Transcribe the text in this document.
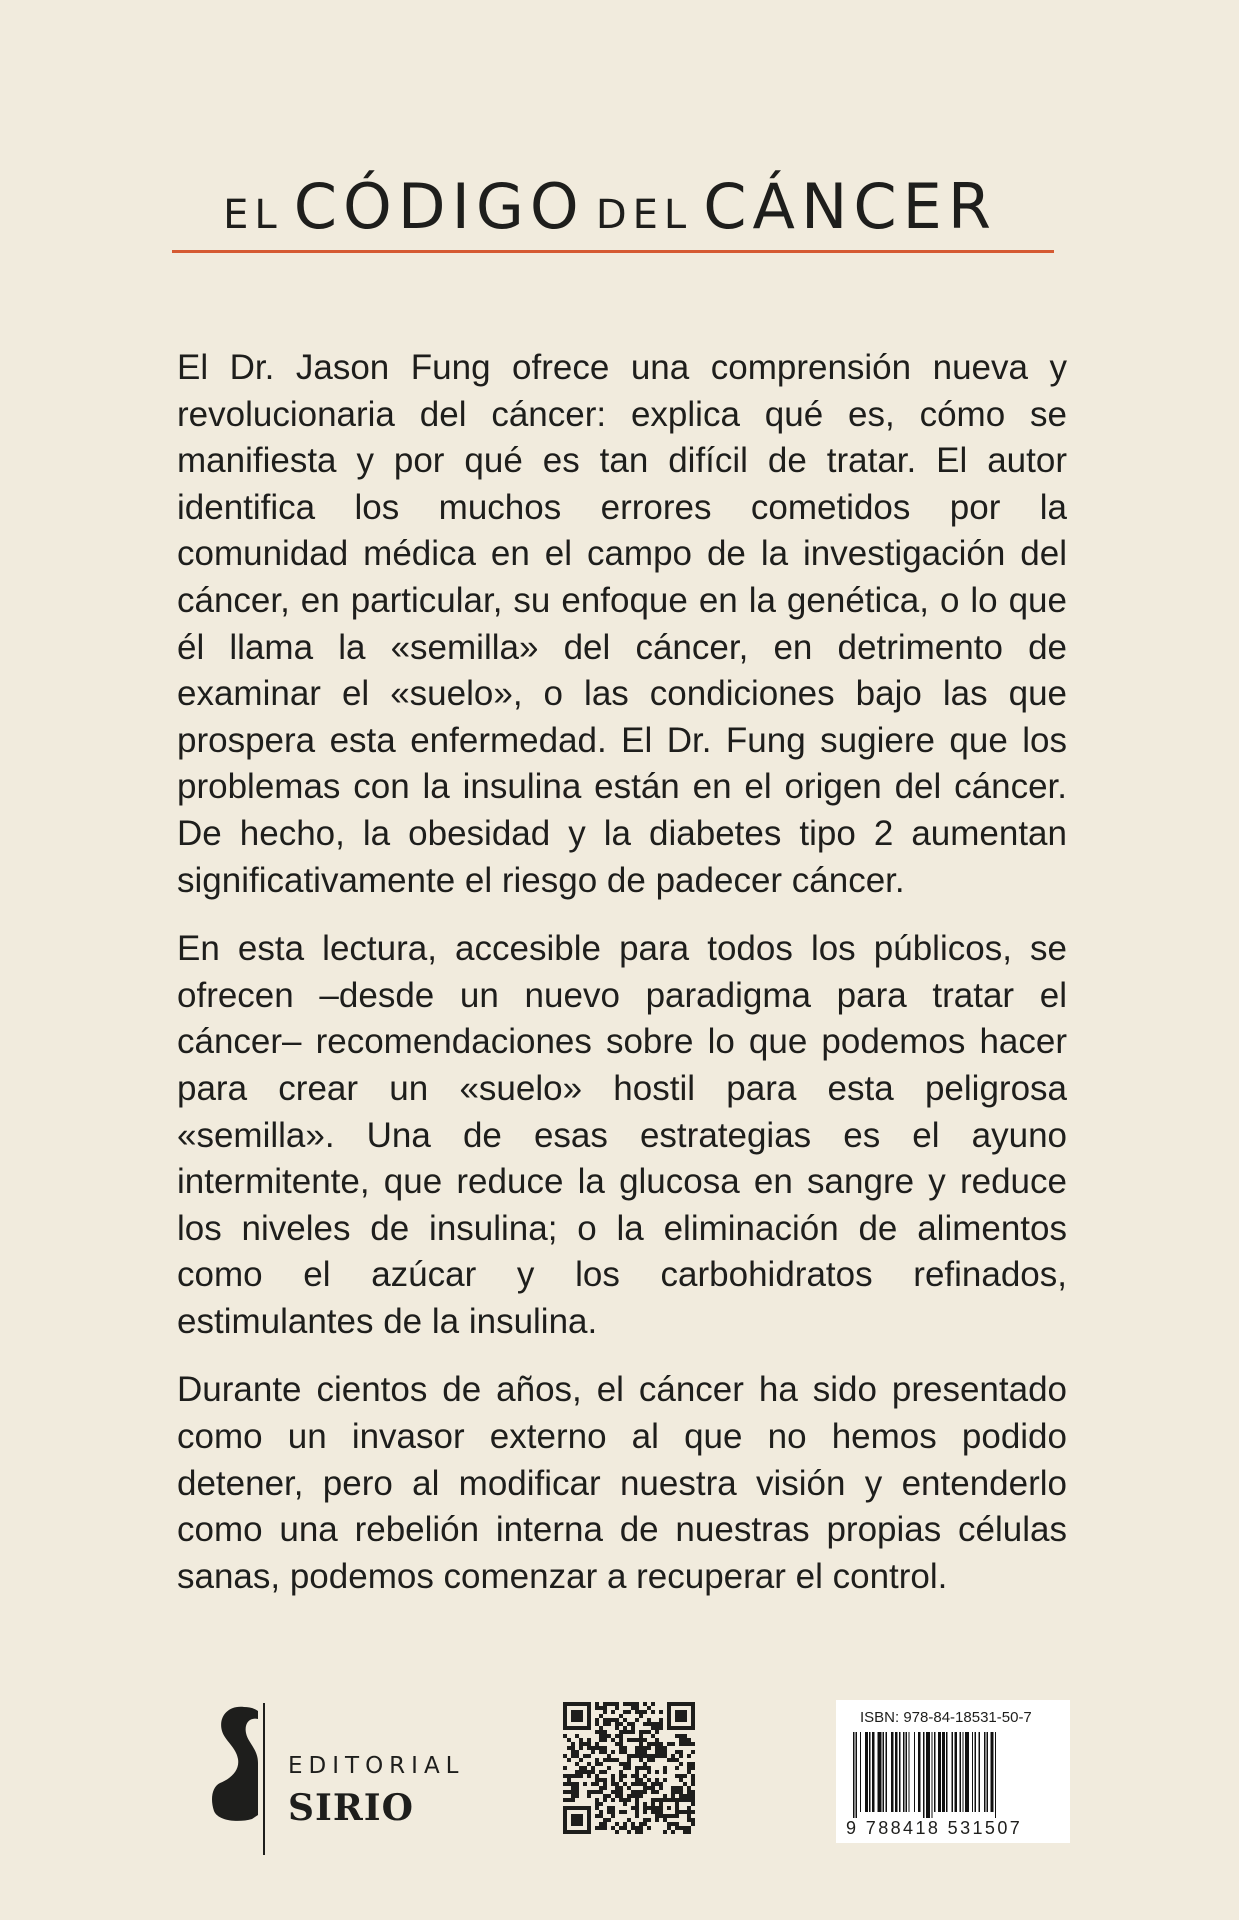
EL CÓDIGO DEL CÁNCER

El Dr. Jason Fung ofrece una comprensión nueva y revolucionaria del cáncer: explica qué es, cómo se manifiesta y por qué es tan difícil de tratar. El autor identifica los muchos errores cometidos por la comunidad médica en el campo de la investigación del cáncer, en particular, su enfoque en la genética, o lo que él llama la «semilla» del cáncer, en detrimento de examinar el «suelo», o las condiciones bajo las que prospera esta enfermedad. El Dr. Fung sugiere que los problemas con la insulina están en el origen del cáncer. De hecho, la obesidad y la diabetes tipo 2 aumentan significativamente el riesgo de padecer cáncer.

En esta lectura, accesible para todos los públicos, se ofrecen –desde un nuevo paradigma para tratar el cáncer– recomendaciones sobre lo que podemos hacer para crear un «suelo» hostil para esta peligrosa «semilla». Una de esas estrategias es el ayuno intermitente, que reduce la glucosa en sangre y reduce los niveles de insulina; o la eliminación de alimentos como el azúcar y los carbohidratos refinados, estimulantes de la insulina.

Durante cientos de años, el cáncer ha sido presentado como un invasor externo al que no hemos podido detener, pero al modificar nuestra visión y entenderlo como una rebelión interna de nuestras propias células sanas, podemos comenzar a recuperar el control.

EDITORIAL
SIRIO
ISBN: 978-84-18531-50-7
9 788418 531507
